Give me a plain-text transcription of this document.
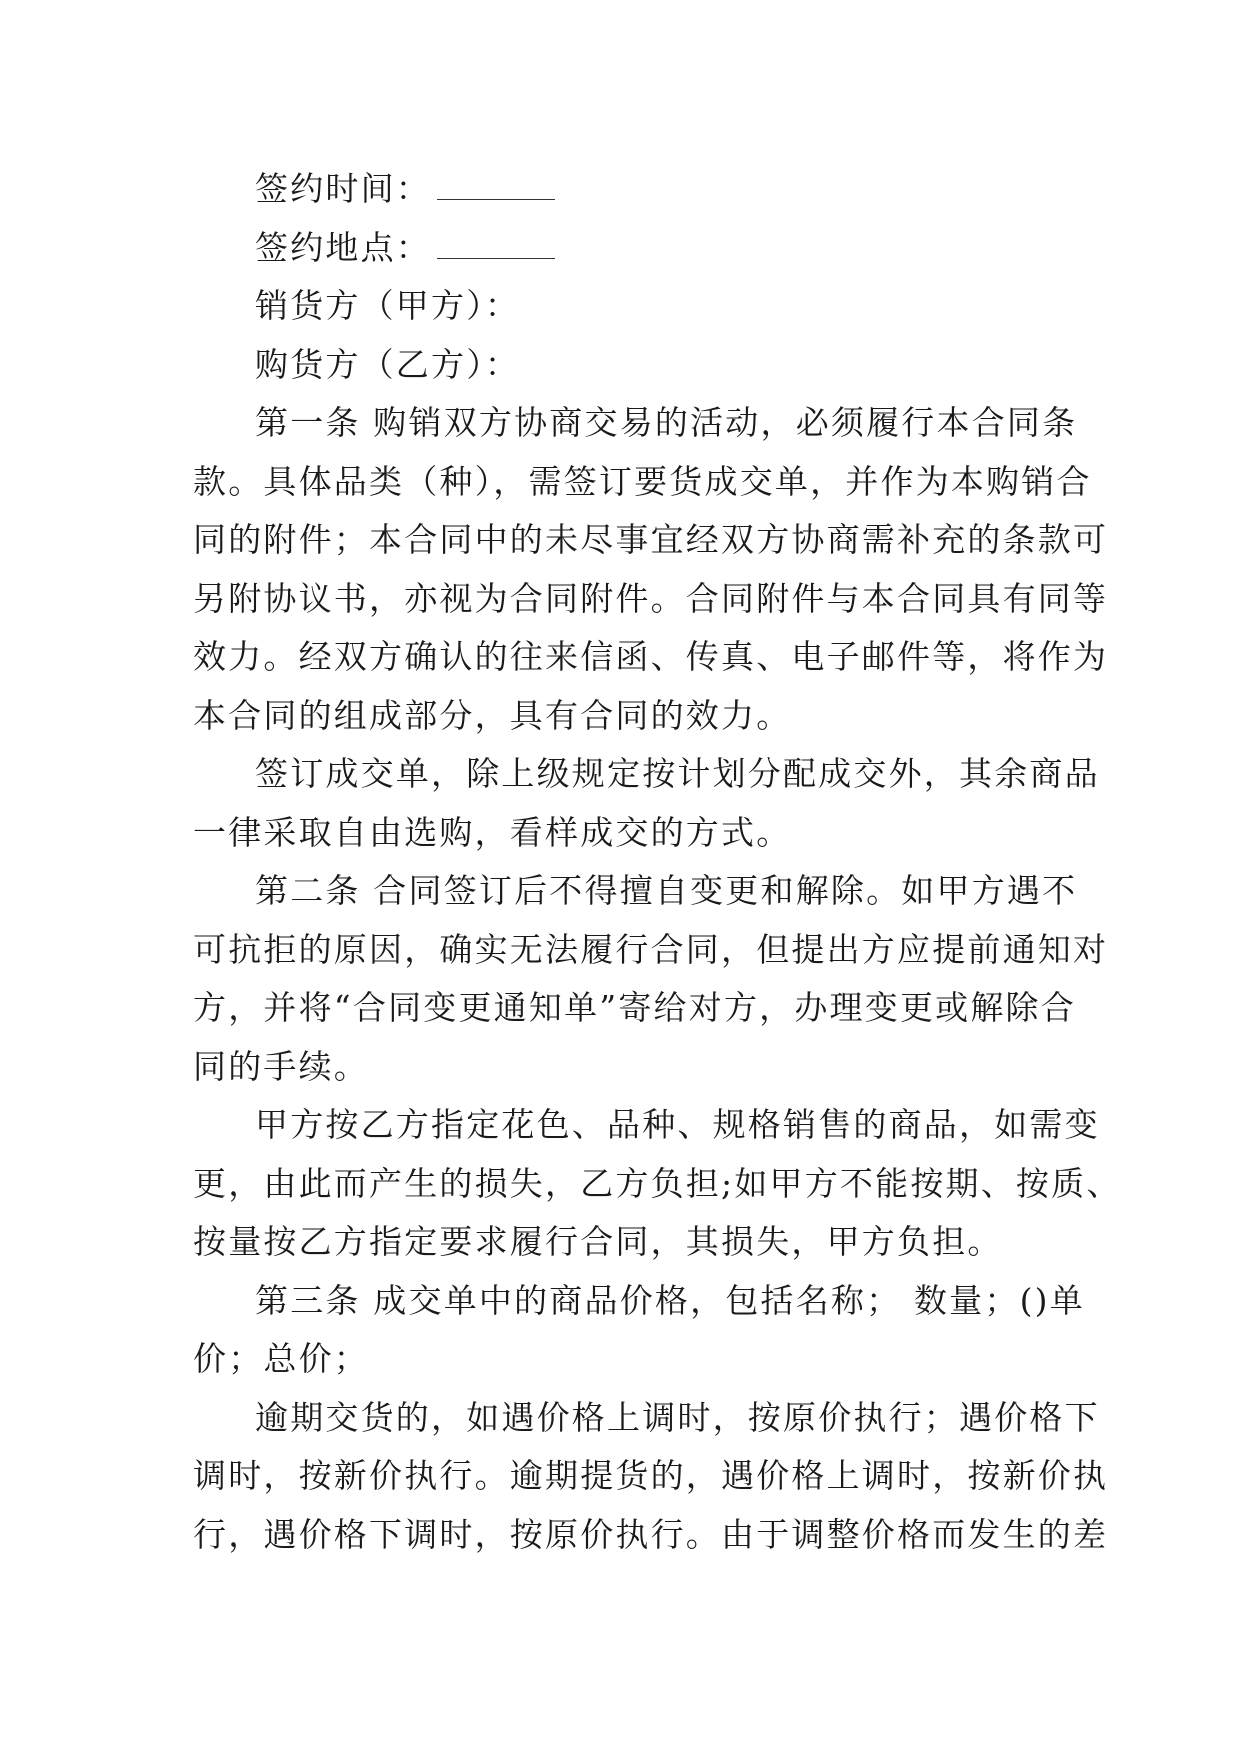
签约时间：

签约地点：

销货方（甲方）：

购货方（乙方）：

第一条 购销双方协商交易的活动，必须履行本合同条

款。具体品类（种），需签订要货成交单，并作为本购销合

同的附件；本合同中的未尽事宜经双方协商需补充的条款可

另附协议书，亦视为合同附件。合同附件与本合同具有同等

效力。经双方确认的往来信函、传真、电子邮件等，将作为

本合同的组成部分，具有合同的效力。

签订成交单，除上级规定按计划分配成交外，其余商品

一律采取自由选购，看样成交的方式。

第二条 合同签订后不得擅自变更和解除。如甲方遇不

可抗拒的原因，确实无法履行合同，但提出方应提前通知对

方，并将“合同变更通知单”寄给对方，办理变更或解除合

同的手续。

甲方按乙方指定花色、品种、规格销售的商品，如需变

更，由此而产生的损失，乙方负担;如甲方不能按期、按质、

按量按乙方指定要求履行合同，其损失，甲方负担。

第三条 成交单中的商品价格，包括名称； 数量；()单

价；总价；

逾期交货的，如遇价格上调时，按原价执行；遇价格下

调时，按新价执行。逾期提货的，遇价格上调时，按新价执

行，遇价格下调时，按原价执行。由于调整价格而发生的差
